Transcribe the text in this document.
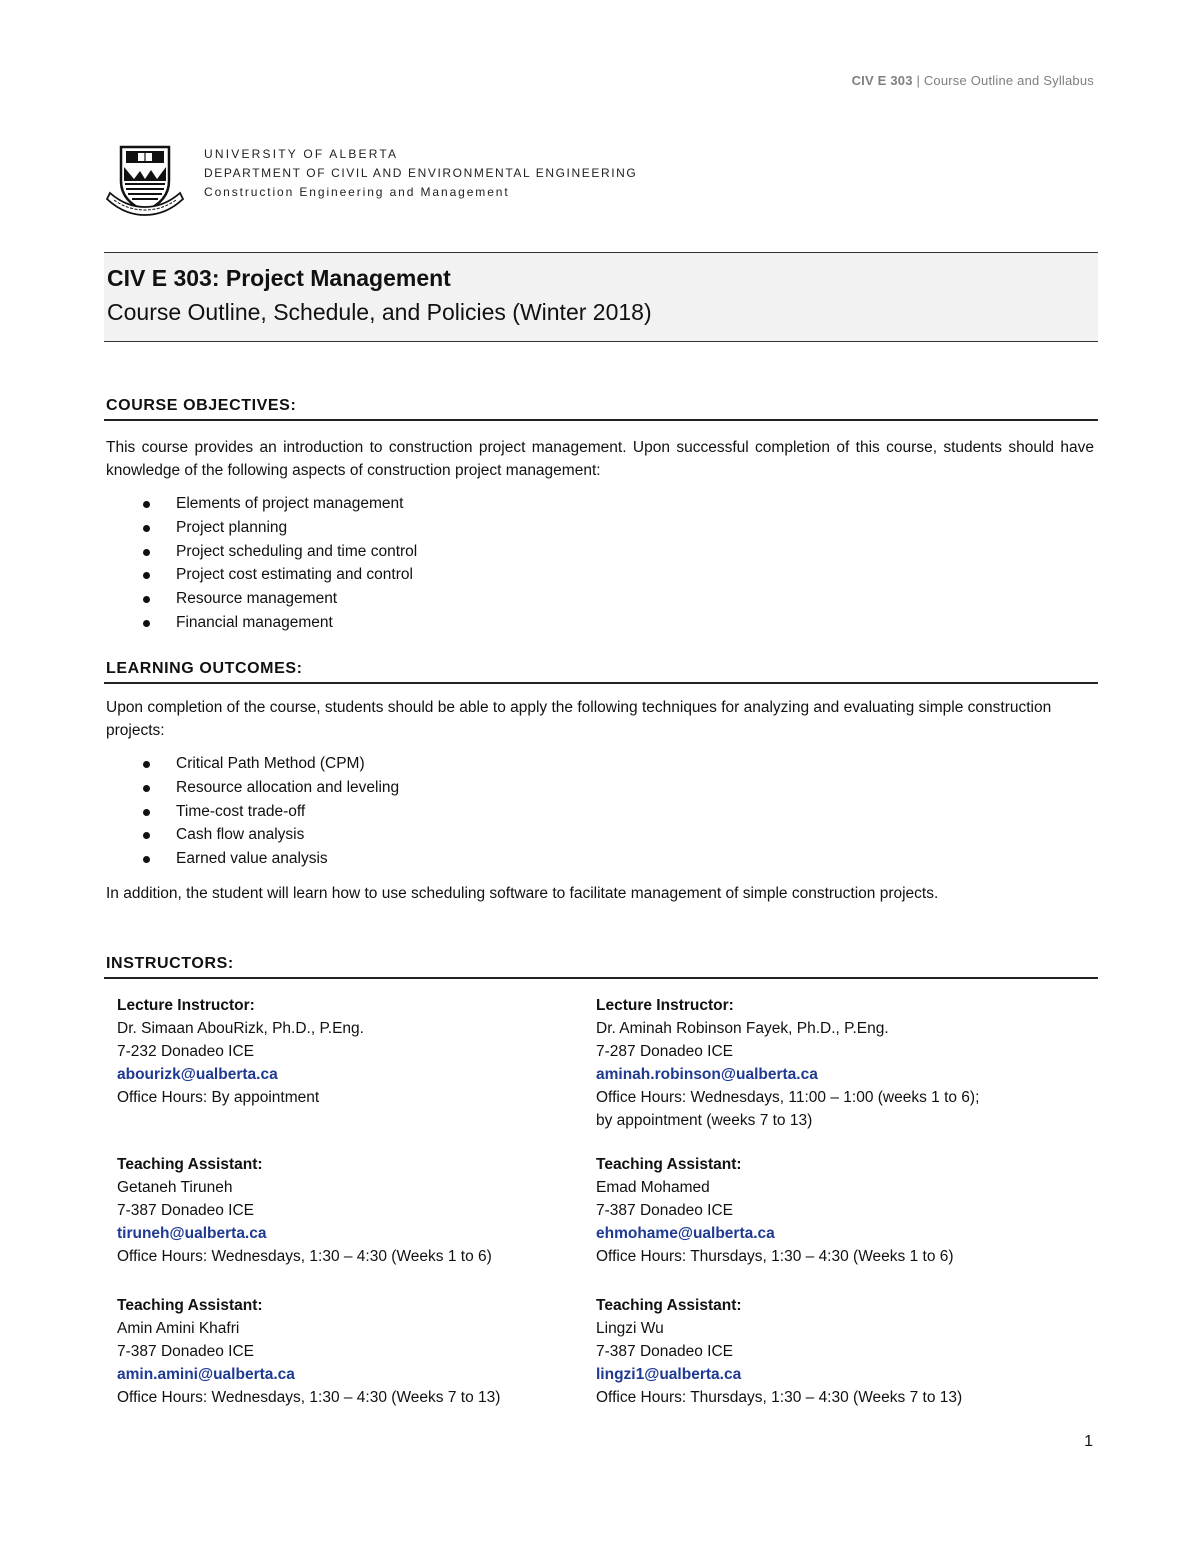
CIV E 303 | Course Outline and Syllabus
UNIVERSITY OF ALBERTA
DEPARTMENT OF CIVIL AND ENVIRONMENTAL ENGINEERING
Construction Engineering and Management
CIV E 303: Project Management
Course Outline, Schedule, and Policies (Winter 2018)
COURSE OBJECTIVES:
This course provides an introduction to construction project management. Upon successful completion of this course, students should have knowledge of the following aspects of construction project management:
Elements of project management
Project planning
Project scheduling and time control
Project cost estimating and control
Resource management
Financial management
LEARNING OUTCOMES:
Upon completion of the course, students should be able to apply the following techniques for analyzing and evaluating simple construction projects:
Critical Path Method (CPM)
Resource allocation and leveling
Time-cost trade-off
Cash flow analysis
Earned value analysis
In addition, the student will learn how to use scheduling software to facilitate management of simple construction projects.
INSTRUCTORS:
Lecture Instructor:
Dr. Simaan AbouRizk, Ph.D., P.Eng.
7-232 Donadeo ICE
abourizk@ualberta.ca
Office Hours: By appointment
Lecture Instructor:
Dr. Aminah Robinson Fayek, Ph.D., P.Eng.
7-287 Donadeo ICE
aminah.robinson@ualberta.ca
Office Hours: Wednesdays, 11:00 – 1:00 (weeks 1 to 6);
by appointment (weeks 7 to 13)
Teaching Assistant:
Getaneh Tiruneh
7-387 Donadeo ICE
tiruneh@ualberta.ca
Office Hours: Wednesdays, 1:30 – 4:30 (Weeks 1 to 6)
Teaching Assistant:
Emad Mohamed
7-387 Donadeo ICE
ehmohame@ualberta.ca
Office Hours: Thursdays, 1:30 – 4:30 (Weeks 1 to 6)
Teaching Assistant:
Amin Amini Khafri
7-387 Donadeo ICE
amin.amini@ualberta.ca
Office Hours: Wednesdays, 1:30 – 4:30 (Weeks 7 to 13)
Teaching Assistant:
Lingzi Wu
7-387 Donadeo ICE
lingzi1@ualberta.ca
Office Hours: Thursdays, 1:30 – 4:30 (Weeks 7 to 13)
1
